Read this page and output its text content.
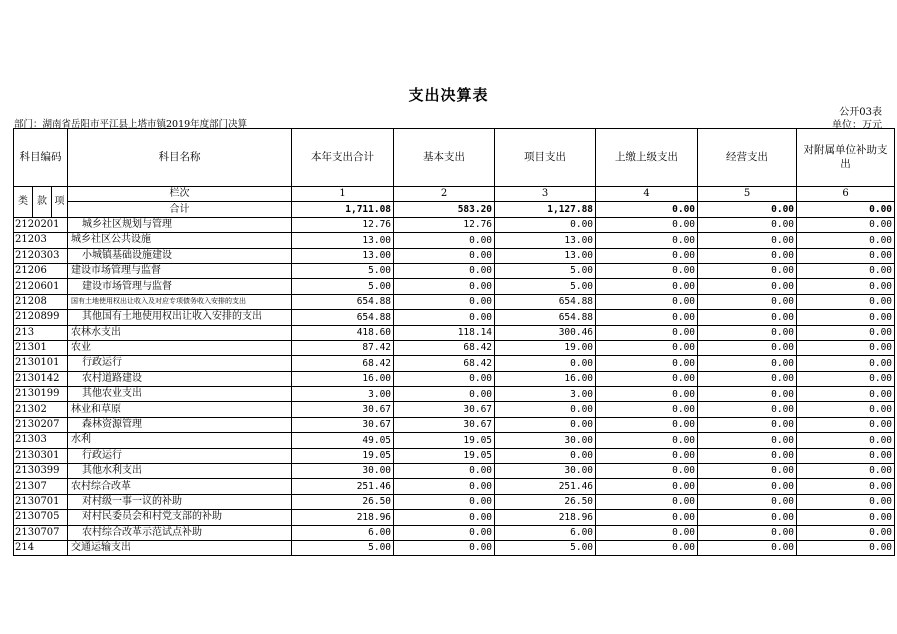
支出决算表
公开03表
部门：湖南省岳阳市平江县上塔市镇2019年度部门决算	单位：万元
科目编码			科目名称	本年支出合计	基本支出	项目支出	上缴上级支出	经营支出	对附属单位补助支出

类	款	项	栏次	1	2	3	4	5	6
			合计	1,711.08	583.20	1,127.88	0.00	0.00	0.00
2120201			城乡社区规划与管理	12.76	12.76	0.00	0.00	0.00	0.00
21203			城乡社区公共设施	13.00	0.00	13.00	0.00	0.00	0.00
2120303			小城镇基础设施建设	13.00	0.00	13.00	0.00	0.00	0.00
21206			建设市场管理与监督	5.00	0.00	5.00	0.00	0.00	0.00
2120601			建设市场管理与监督	5.00	0.00	5.00	0.00	0.00	0.00
21208			国有土地使用权出让收入及对应专项债务收入安排的支出	654.88	0.00	654.88	0.00	0.00	0.00
2120899			其他国有土地使用权出让收入安排的支出	654.88	0.00	654.88	0.00	0.00	0.00
213			农林水支出	418.60	118.14	300.46	0.00	0.00	0.00
21301			农业	87.42	68.42	19.00	0.00	0.00	0.00
2130101			行政运行	68.42	68.42	0.00	0.00	0.00	0.00
2130142			农村道路建设	16.00	0.00	16.00	0.00	0.00	0.00
2130199			其他农业支出	3.00	0.00	3.00	0.00	0.00	0.00
21302			林业和草原	30.67	30.67	0.00	0.00	0.00	0.00
2130207			森林资源管理	30.67	30.67	0.00	0.00	0.00	0.00
21303			水利	49.05	19.05	30.00	0.00	0.00	0.00
2130301			行政运行	19.05	19.05	0.00	0.00	0.00	0.00
2130399			其他水利支出	30.00	0.00	30.00	0.00	0.00	0.00
21307			农村综合改革	251.46	0.00	251.46	0.00	0.00	0.00
2130701			对村级一事一议的补助	26.50	0.00	26.50	0.00	0.00	0.00
2130705			对村民委员会和村党支部的补助	218.96	0.00	218.96	0.00	0.00	0.00
2130707			农村综合改革示范试点补助	6.00	0.00	6.00	0.00	0.00	0.00
214			交通运输支出	5.00	0.00	5.00	0.00	0.00	0.00
